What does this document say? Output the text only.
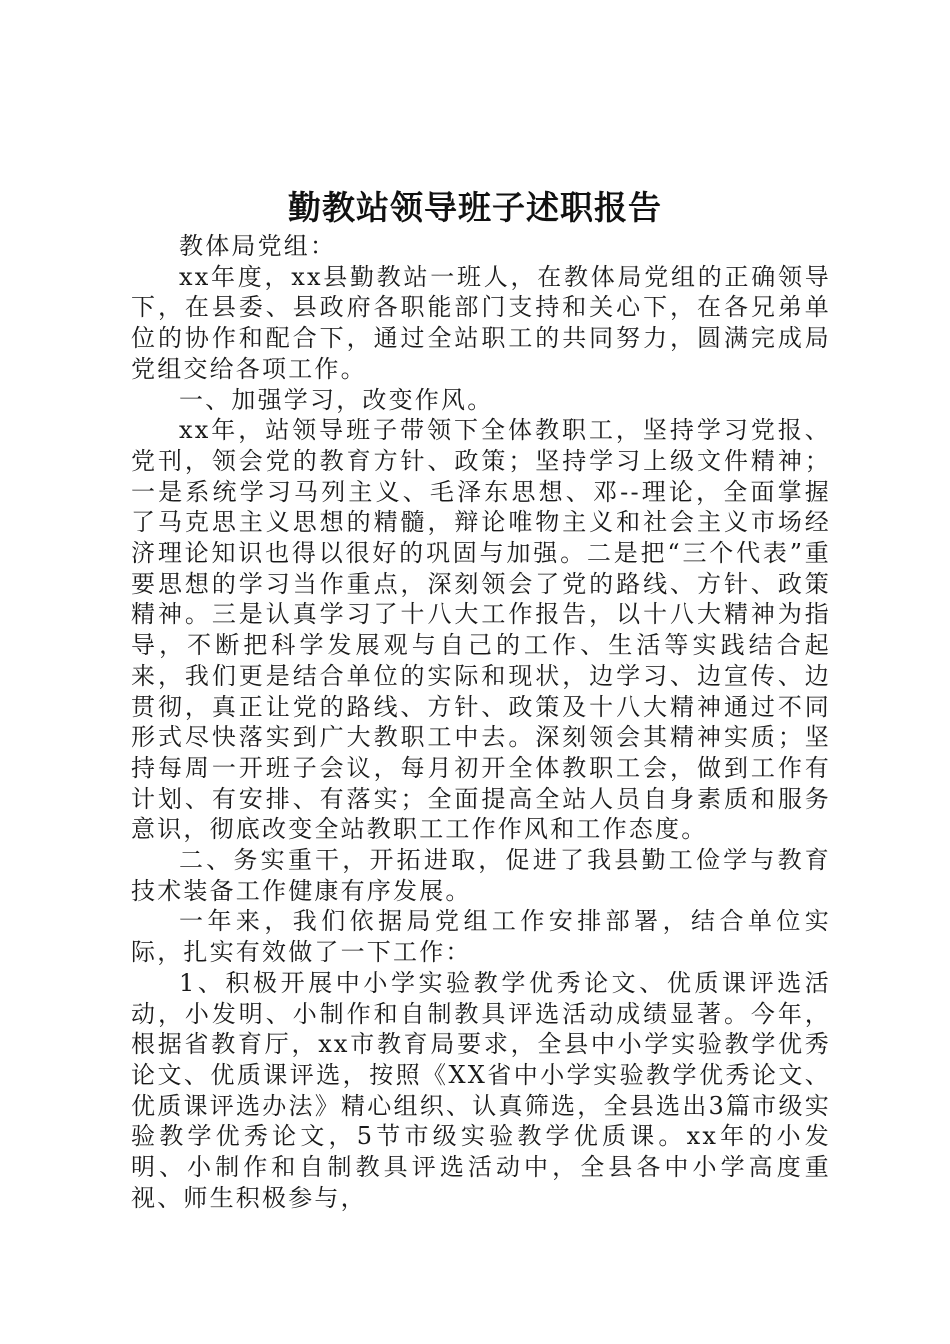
勤教站领导班子述职报告

教体局党组：

xx年度，xx县勤教站一班人，在教体局党组的正确领导下，在县委、县政府各职能部门支持和关心下，在各兄弟单位的协作和配合下，通过全站职工的共同努力，圆满完成局党组交给各项工作。

一、加强学习，改变作风。

xx年，站领导班子带领下全体教职工，坚持学习党报、党刊，领会党的教育方针、政策；坚持学习上级文件精神；一是系统学习马列主义、毛泽东思想、邓--理论，全面掌握了马克思主义思想的精髓，辩论唯物主义和社会主义市场经济理论知识也得以很好的巩固与加强。二是把“三个代表”重要思想的学习当作重点，深刻领会了党的路线、方针、政策精神。三是认真学习了十八大工作报告，以十八大精神为指导，不断把科学发展观与自己的工作、生活等实践结合起来，我们更是结合单位的实际和现状，边学习、边宣传、边贯彻，真正让党的路线、方针、政策及十八大精神通过不同形式尽快落实到广大教职工中去。深刻领会其精神实质；坚持每周一开班子会议，每月初开全体教职工会，做到工作有计划、有安排、有落实；全面提高全站人员自身素质和服务意识，彻底改变全站教职工工作作风和工作态度。

二、务实重干，开拓进取，促进了我县勤工俭学与教育技术装备工作健康有序发展。

一年来，我们依据局党组工作安排部署，结合单位实际，扎实有效做了一下工作：

1、积极开展中小学实验教学优秀论文、优质课评选活动，小发明、小制作和自制教具评选活动成绩显著。今年，根据省教育厅，xx市教育局要求，全县中小学实验教学优秀论文、优质课评选，按照《XX省中小学实验教学优秀论文、优质课评选办法》精心组织、认真筛选，全县选出3篇市级实验教学优秀论文，5节市级实验教学优质课。xx年的小发明、小制作和自制教具评选活动中，全县各中小学高度重视、师生积极参与，
